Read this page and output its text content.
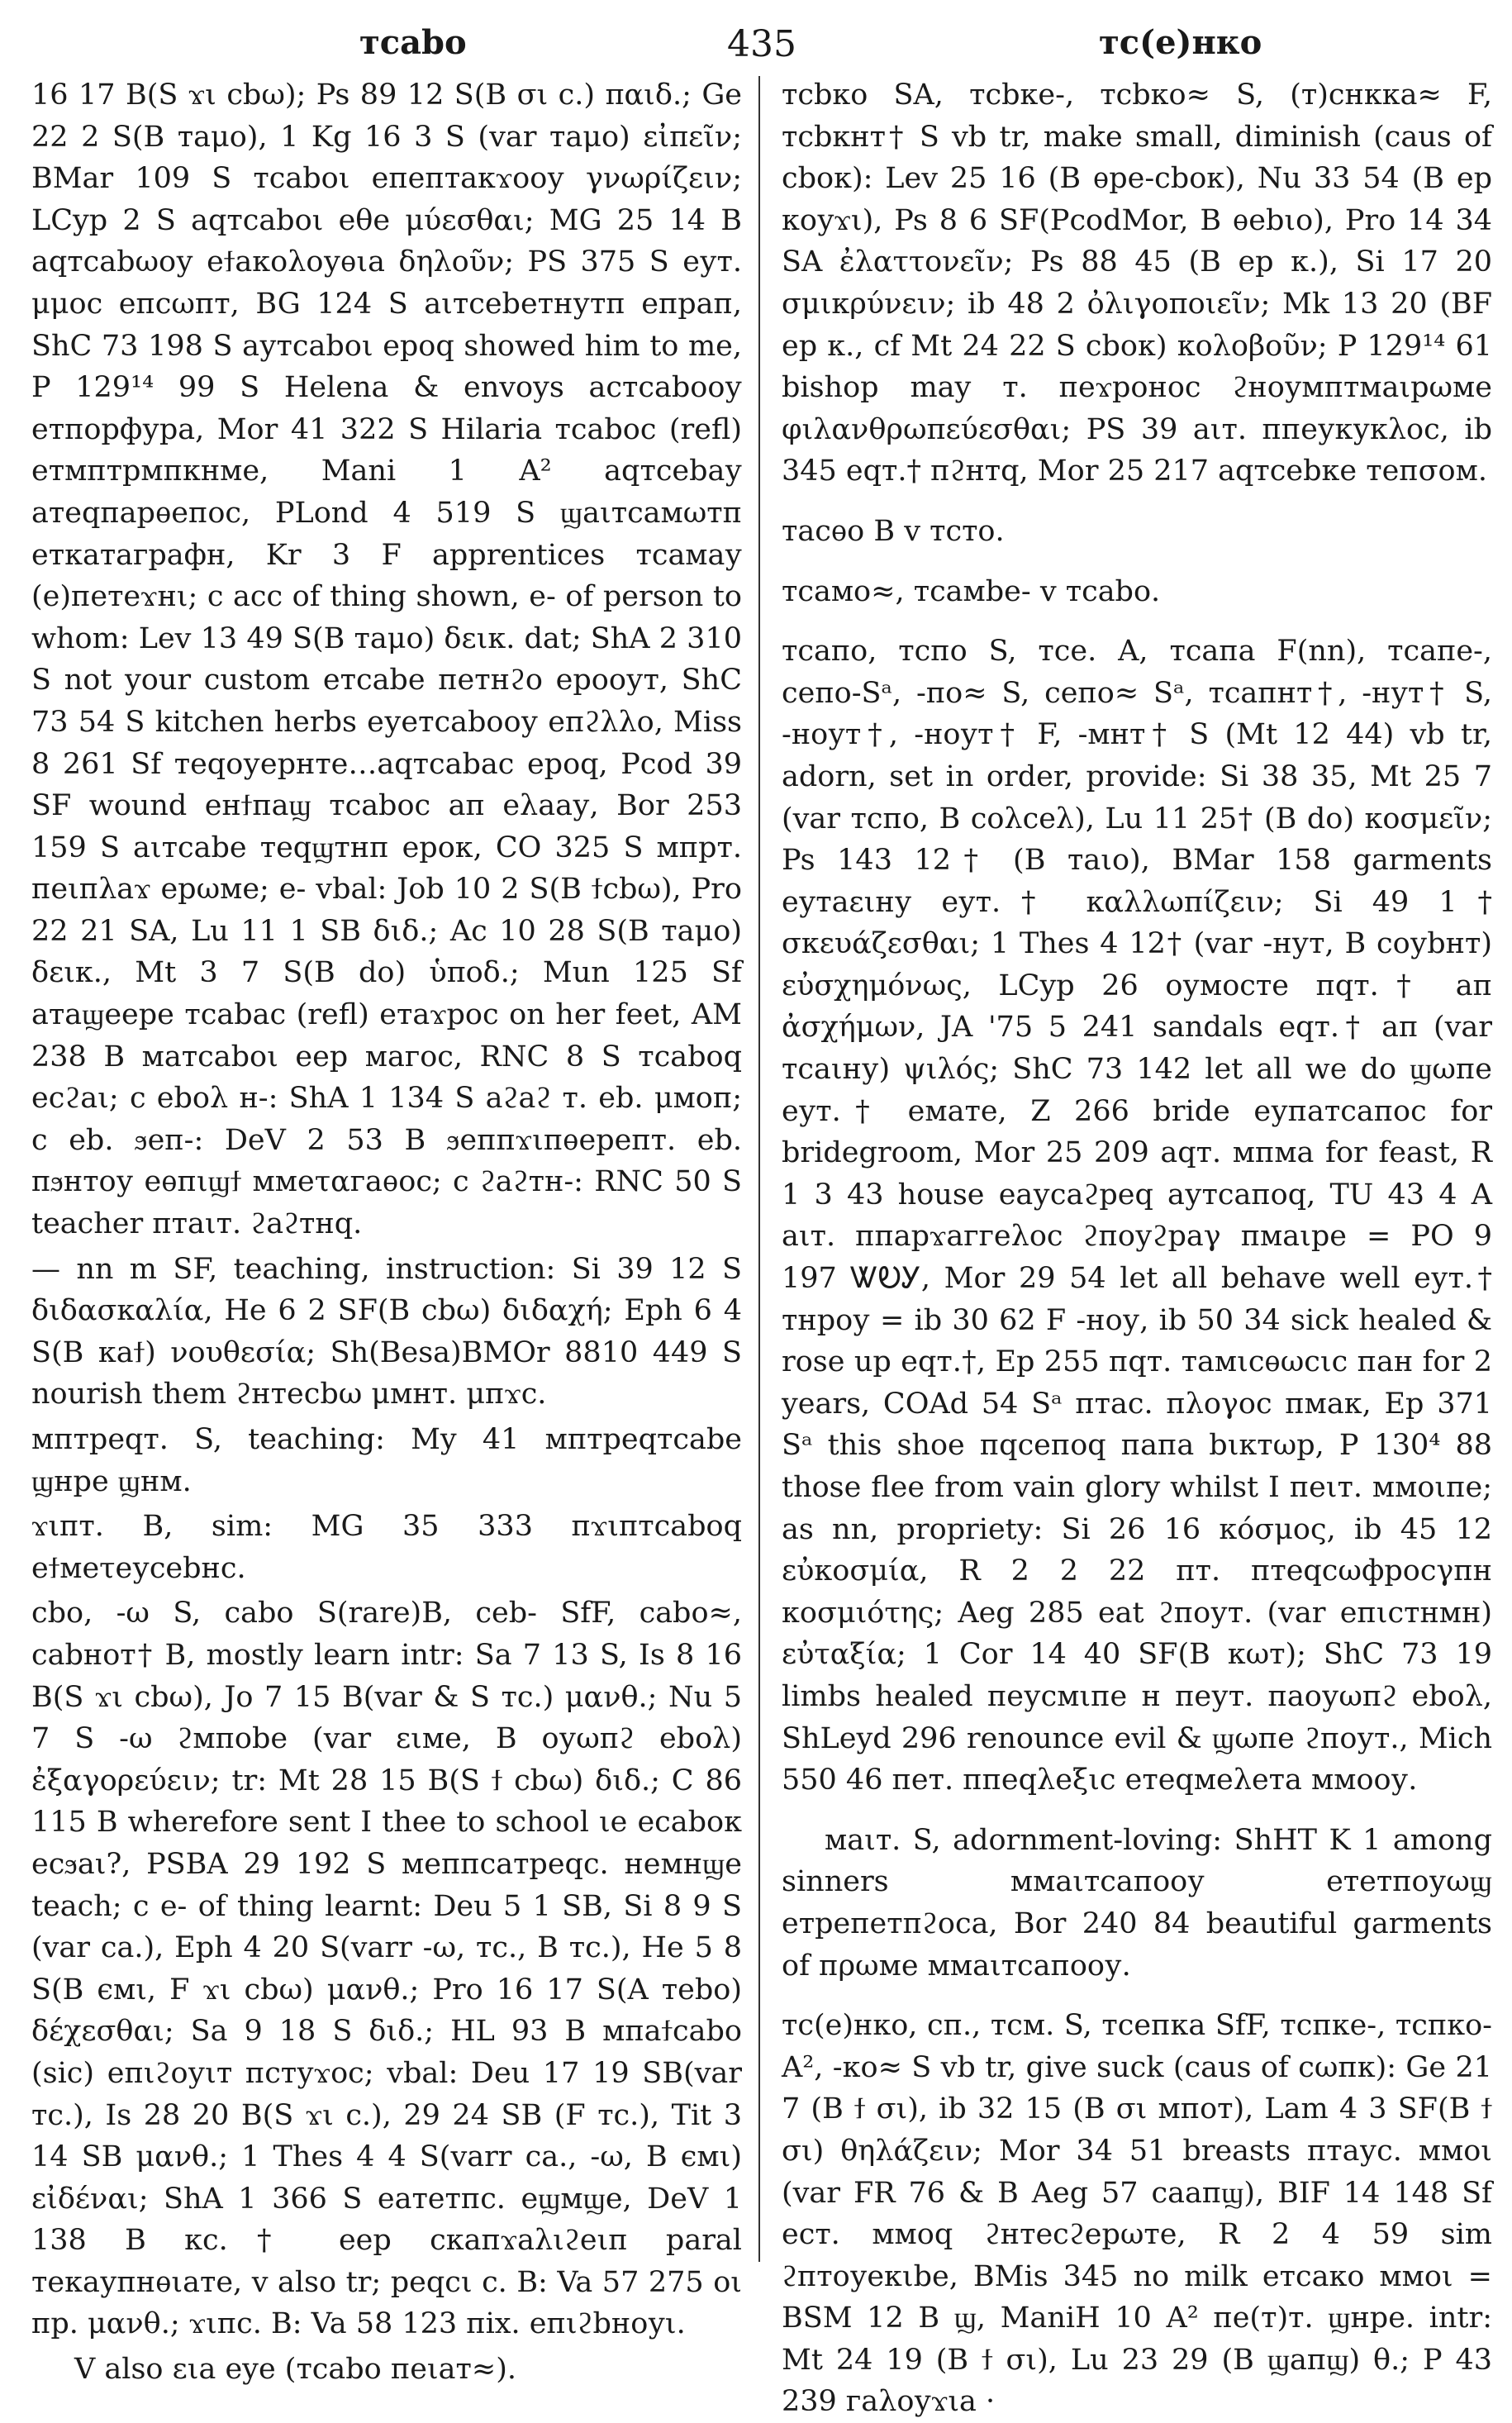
тсаbo	435	тс(е)нко

16 17 B(S ϫι cbω); Ps 89 12 S(B σι c.) παιδ.; Ge 22 2 S(B таμо), 1 Kg 16 3 S (var таμо) εἰπεῖν; BMar 109 S тсаbоι епептакϫооу γνωρίζειν; LCyp 2 S аqтсаbоι еθе μύεσθαι; MG 25 14 B аqтсаbωоу еϯакоλоуѳιа δηλοῦν; PS 375 S еут. μμоc епсωпт, BG 124 S аιтсеbетнутп епрап, ShC 73 198 S аутсаbоι ероq showed him to me, P 129¹⁴ 99 S Helena & envoys астсаbооу етпорфура, Mor 41 322 S Hilaria тсаbос (refl) етмптрмпкнме, Mani 1 A² аqтсеbау атеqпарѳепос, PLond 4 519 S ϣаιтсамωтп еткатаграфн, Kr 3 F apprentices тсамау (е)петеϫнι; c acc of thing shown, е- of person to whom: Lev 13 49 S(B таμо) δεικ. dat; ShA 2 310 S not your custom етсаbе петнϩо ерооут, ShC 73 54 S kitchen herbs еуетсаbооу епϩλλо, Miss 8 261 Sf теqоуернте…аqтсаbас ероq, Pcod 39 SF wound енϯпаϣ тсаbос ап еλаау, Bor 253 159 S аιтсаbе теqϣтнп ерок, CO 325 S мпрт. пеιпλаϫ ерωме; е- vbal: Job 10 2 S(B ϯcbω), Pro 22 21 SA, Lu 11 1 SB διδ.; Ac 10 28 S(B таμо) δεικ., Mt 3 7 S(B do) ὑποδ.; Mun 125 Sf атаϣеере тсаbас (refl) етаϫрос on her feet, AM 238 B матсаbоι еер магос, RNC 8 S тсаbоq есϩаι; c ebоλ н-: ShA 1 134 S аϩаϩ т. еb. μмоп; c еb. ϧеп-: DeV 2 53 B ϧеппϫιпѳеpепт. еb. пϧнтоу еѳпιϣϯ ммеταгаѳос; c ϩаϩтн-: RNC 50 S teacher птаιт. ϩаϩтнq.

— nn m SF, teaching, instruction: Si 39 12 S διδασκαλία, He 6 2 SF(B cbω) διδαχή; Eph 6 4 S(B каϯ) νουθεσία; Sh(Besa)BMOr 8810 449 S nourish them ϩнтесbω μмнт. μпϫс.

мптреqт. S, teaching: My 41 мптреqтсаbе ϣнре ϣнм.

ϫιпт. B, sim: MG 35 333 пϫιптсаbоq еϯмеτеусеbнс.

cbо, -ω S, саbо S(rare)B, сеb- SfF, саbо≈, саbнот† B, mostly learn intr: Sa 7 13 S, Is 8 16 B(S ϫι cbω), Jo 7 15 B(var & S тс.) μανθ.; Nu 5 7 S -ω ϩмпоbе (var ειме, B оуωпϩ еbоλ) ἐξαγορεύειν; tr: Mt 28 15 B(S ϯ cbω) διδ.; C 86 115 B wherefore sent I thee to school ιе есаbок есϧаι?, PSBA 29 192 S меппсатреqс. немнϣе teach; c е- of thing learnt: Deu 5 1 SB, Si 8 9 S (var са.), Eph 4 20 S(varr -ω, тс., B тс.), He 5 8 S(B ємι, F ϫι cbω) μανθ.; Pro 16 17 S(A теbо) δέχεσθαι; Sa 9 18 S διδ.; HL 93 B мпаϯсаbо (sic) епιϩоуιт пстуϫос; vbal: Deu 17 19 SB(var тс.), Is 28 20 B(S ϫι c.), 29 24 SB (F тс.), Tit 3 14 SB μανθ.; 1 Thes 4 4 S(varr са., -ω, B ємι) εἰδέναι; ShA 1 366 S еатетпс. еϣмϣе, DeV 1 138 B кс.† еер скапϫаλιϩеιп paral текаупнѳιате, v also tr; реqсι c. B: Va 57 275 οι пр. μανθ.; ϫιпс. B: Va 58 123 піх. епιϩbноуι.

V also ειа eye (тсаbо пеιат≈).

тсbко SA, тсbке-, тсbко≈ S, (т)снкка≈ F, тсbкнт† S vb tr, make small, diminish (caus of сbок): Lev 25 16 (B ѳре-сbок), Nu 33 54 (B ер коуϫι), Ps 8 6 SF(PcodMor, B ѳеbιо), Pro 14 34 SA ἐλαττονεῖν; Ps 88 45 (B ер к.), Si 17 20 σμικρύνειν; ib 48 2 ὀλιγοποιεῖν; Mk 13 20 (BF ер к., cf Mt 24 22 S сbок) κολοβοῦν; P 129¹⁴ 61 bishop may т. пеϫронос ϩноумптмаιрωме φιλανθρωπεύεσθαι; PS 39 аιт. ппеукукλос, ib 345 еqт.† пϩнтq, Mor 25 217 аqтсеbке тепσом.

тасѳо B v тсто.

тсамо≈, тсамbе- v тсаbо.

тсапо, тспо S, тсе. A, тсапа F(nn), тсапе-, сепо-Sᵃ, -по≈ S, сепо≈ Sᵃ, тсапнт†, -нут† S, -ноут†, -ноут† F, -мнт† S (Mt 12 44) vb tr, adorn, set in order, provide: Si 38 35, Mt 25 7 (var тспо, B соλсеλ), Lu 11 25† (B do) κοσμεῖν; Ps 143 12† (B таιо), BMar 158 garments еутаειну еут.† καλλωπίζειν; Si 49 1† σκευάζεσθαι; 1 Thes 4 12† (var -нут, B соуbнт) εὐσχημόνως, LCyp 26 оумосте пqт.† ап ἀσχήμων, JA '75 5 241 sandals еqт.† ап (var тсаιну) ψιλός; ShC 73 142 let all we do ϣωпе еут.† емате, Z 266 bride еупатсапос for bridegroom, Mor 25 209 аqт. мпма for feast, R 1 3 43 house еаусаϩреq аутсапоq, TU 43 4 A аιт. ппарϫаггеλос ϩпоуϩраγ пмаιре = PO 9 197 ᏔᎧᎩ, Mor 29 54 let all behave well еут.† тнроу = ib 30 62 F -ноу, ib 50 34 sick healed & rose up еqт.†, Ep 255 пqт. тамιсѳωсιс пан for 2 years, COAd 54 Sᵃ птас. пλоγос пмаκ, Ep 371 Sᵃ this shoe пqсепоq папа bιктωр, P 130⁴ 88 those flee from vain glory whilst I пеιт. ммоιпе; as nn, propriety: Si 26 16 κόσμος, ib 45 12 εὐκοσμία, R 2 2 22 пт. птеqсωфросγпн κοσμιότης; Aeg 285 eat ϩпоут. (var епιстнмн) εὐταξία; 1 Cor 14 40 SF(B кωт); ShC 73 19 limbs healed пеусмιпе н пеут. паоуωпϩ еbоλ, ShLeyd 296 renounce evil & ϣωпе ϩпоут., Mich 550 46 пет. ппеqλеξιс етеqмеλета ммооу.

маιт. S, adornment-loving: ShHT K 1 among sinners ммаιтсапооу ететпоуωϣ етрепетпϩоса, Bor 240 84 beautiful garments of пρωме ммаιтсапооу.

тс(е)нко, сп., тсм. S, тсепка SfF, тспке-, тспко-A², -ко≈ S vb tr, give suck (caus of сωпк): Ge 21 7 (B ϯ σι), ib 32 15 (B σι мпот), Lam 4 3 SF(B ϯ σι) θηλάζειν; Mor 34 51 breasts птаус. ммоι (var FR 76 & B Aeg 57 саапϣ), BIF 14 148 Sf ест. ммоq ϩнтесϩерωте, R 2 4 59 sim ϩптоуекιbе, BMis 345 no milk етсако ммоι = BSM 12 B ϣ, ManiH 10 A² пе(т)т. ϣнре. intr: Mt 24 19 (B ϯ σι), Lu 23 29 (B ϣапϣ) θ.; P 43 239 гаλоуϫιа ·
